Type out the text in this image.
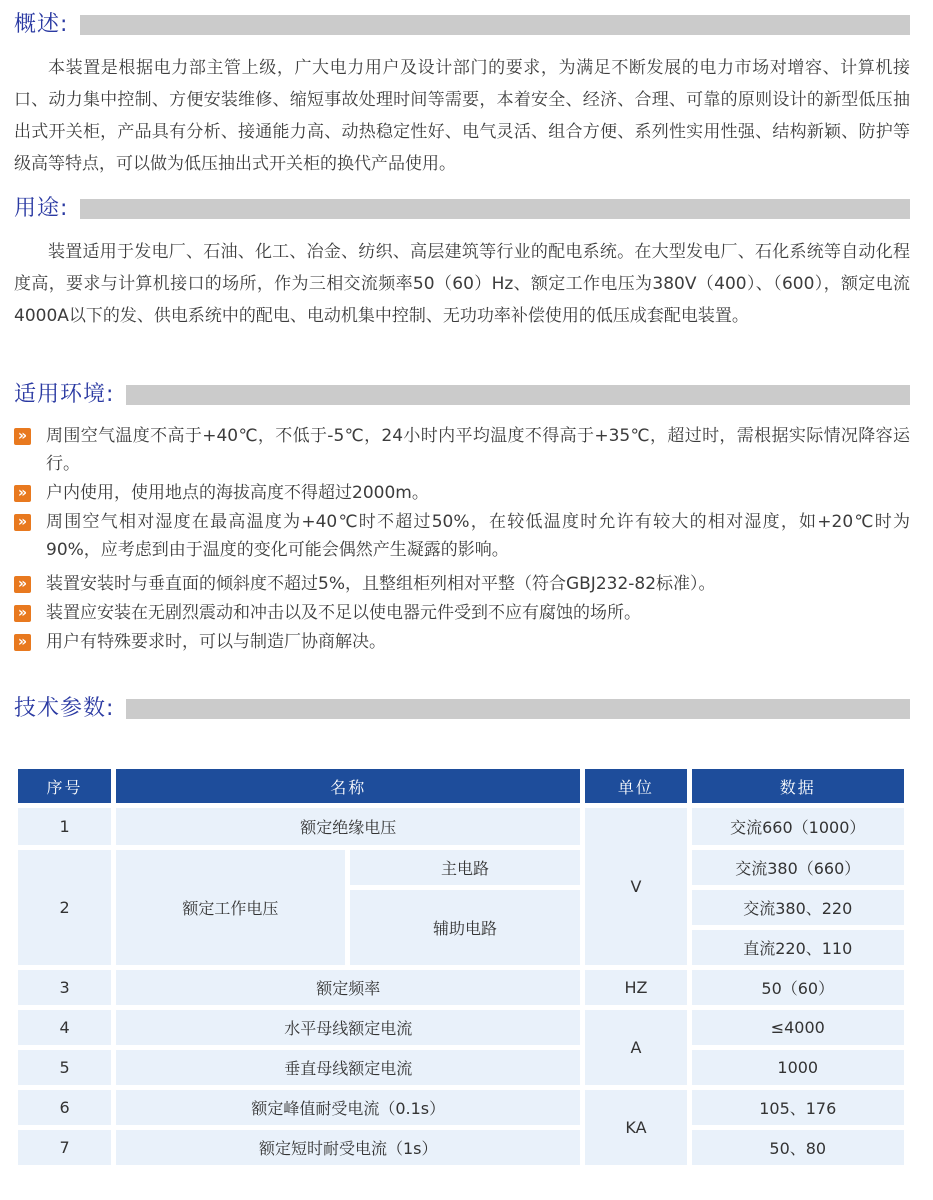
概述:

本装置是根据电力部主管上级，广大电力用户及设计部门的要求，为满足不断发展的电力市场对增容、计算机接口、动力集中控制、方便安装维修、缩短事故处理时间等需要，本着安全、经济、合理、可靠的原则设计的新型低压抽出式开关柜，产品具有分析、接通能力高、动热稳定性好、电气灵活、组合方便、系列性实用性强、结构新颖、防护等级高等特点，可以做为低压抽出式开关柜的换代产品使用。

用途:

装置适用于发电厂、石油、化工、冶金、纺织、高层建筑等行业的配电系统。在大型发电厂、石化系统等自动化程度高，要求与计算机接口的场所，作为三相交流频率50（60）Hz、额定工作电压为380V（400）、（600），额定电流4000A以下的发、供电系统中的配电、电动机集中控制、无功功率补偿使用的低压成套配电装置。

适用环境:
» 周围空气温度不高于+40℃，不低于-5℃，24小时内平均温度不得高于+35℃，超过时，需根据实际情况降容运行。
» 户内使用，使用地点的海拔高度不得超过2000m。
» 周围空气相对湿度在最高温度为+40℃时不超过50%，在较低温度时允许有较大的相对湿度，如+20℃时为90%，应考虑到由于温度的变化可能会偶然产生凝露的影响。
» 装置安装时与垂直面的倾斜度不超过5%，且整组柜列相对平整（符合GBJ232-82标准）。
» 装置应安装在无剧烈震动和冲击以及不足以使电器元件受到不应有腐蚀的场所。
» 用户有特殊要求时，可以与制造厂协商解决。
技术参数:
序号	名称		单位	数据
1	额定绝缘电压		V	交流660（1000）
2	额定工作电压	主电路		交流380（660）
		辅助电路		交流380、220
				直流220、110
3	额定频率		HZ	50（60）
4	水平母线额定电流		A	≤4000
5	垂直母线额定电流			1000
6	额定峰值耐受电流（0.1s）		KA	105、176
7	额定短时耐受电流（1s）			50、80
